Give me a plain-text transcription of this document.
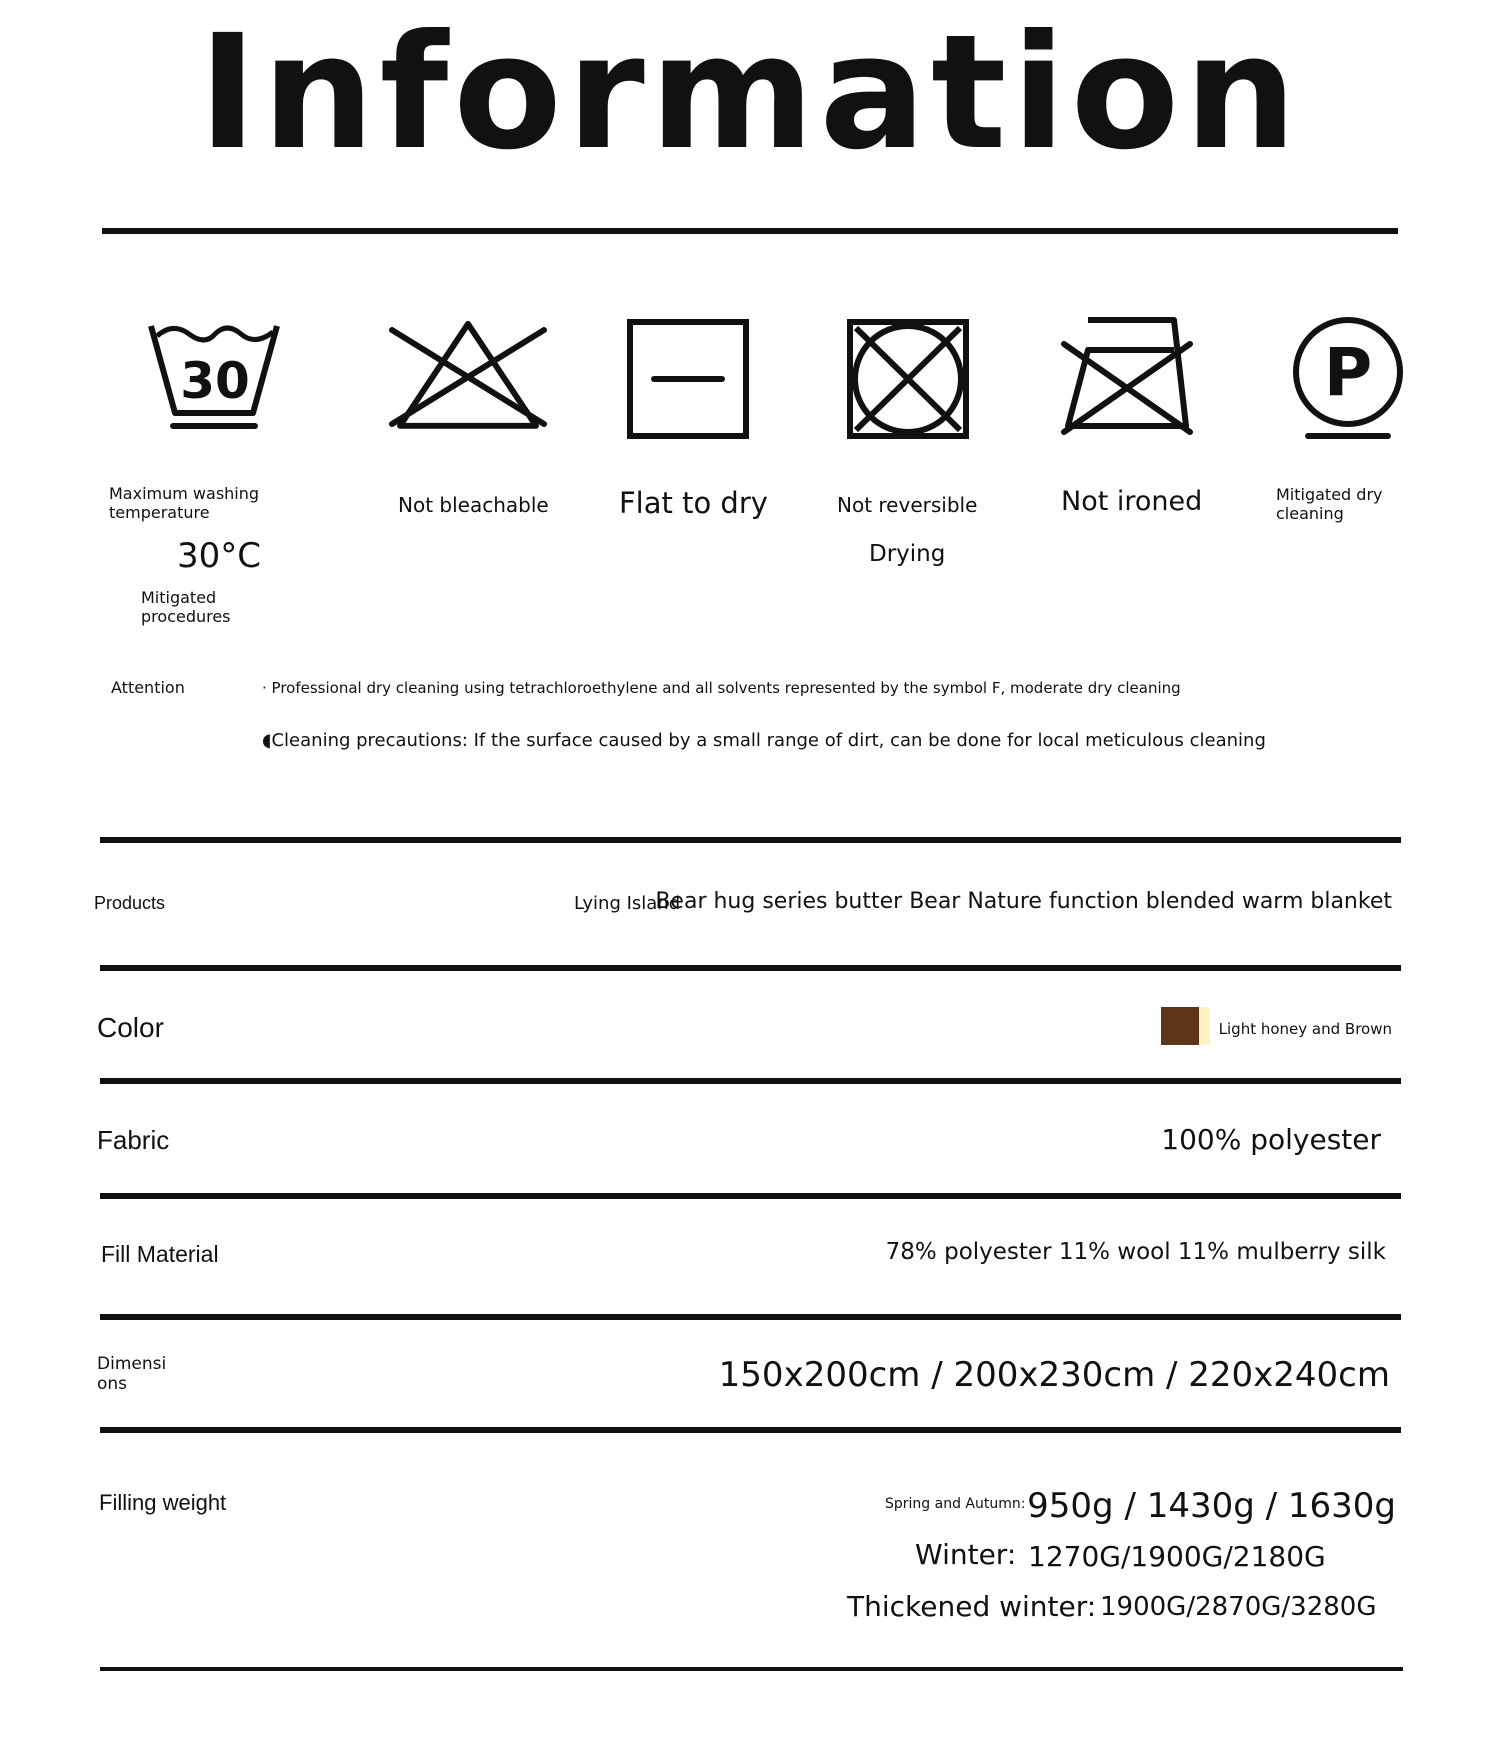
Information
30	P
Maximum washing
temperature
30°C
Mitigated
procedures
Not bleachable Flat to dry	Not reversible
Drying
Not ironed	Mitigated dry
cleaning
Attention	· Professional dry cleaning using tetrachloroethylene and all solvents represented by the symbol F, moderate dry cleaning
◖Cleaning precautions: If the surface caused by a small range of dirt, can be done for local meticulous cleaning
Products	Lying Island
Bear hug series butter Bear Nature function blended warm blanket
Color	Light honey and Brown
Fabric	100% polyester
Fill Material	78% polyester 11% wool 11% mulberry silk
Dimensi
ons	150x200cm / 200x230cm / 220x240cm
Filling weight	Spring and Autumn: 950g / 1430g / 1630g
Winter: 1270G/1900G/2180G
Thickened winter: 1900G/2870G/3280G
